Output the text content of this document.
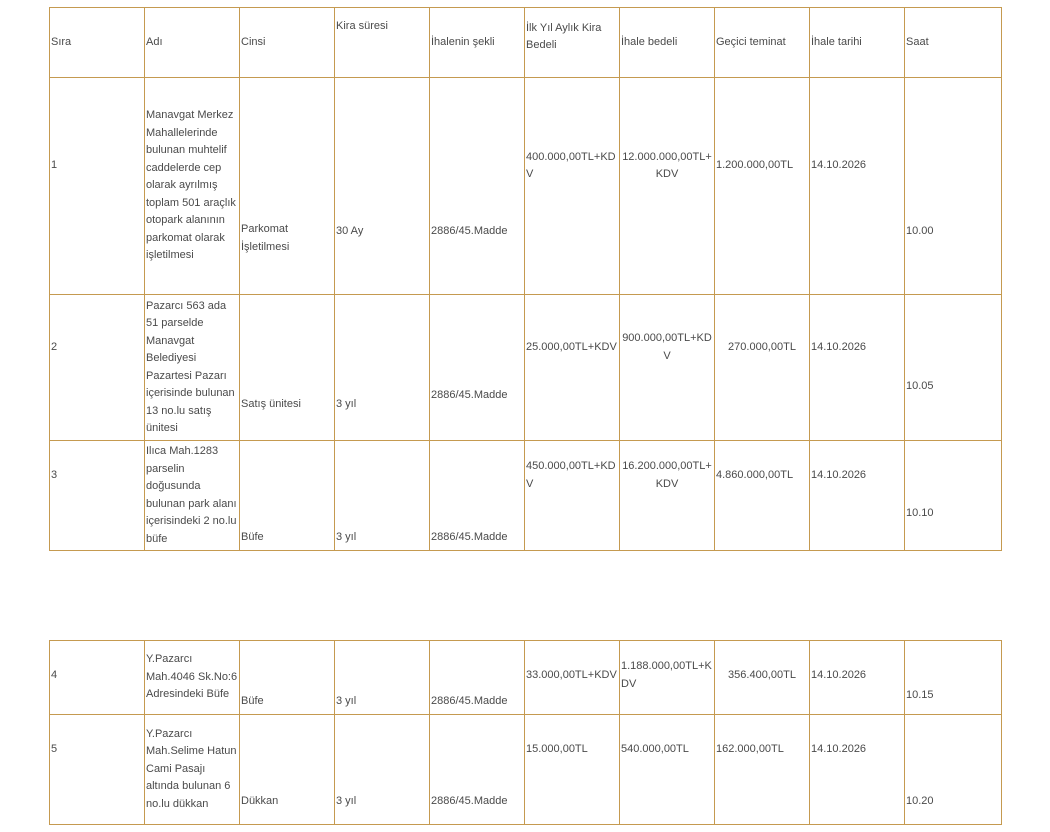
Sıra	Adı	Cinsi	Kira süresi	İhalenin şekli	İlk Yıl Aylık Kira Bedeli	İhale bedeli	Geçici teminat	İhale tarihi	Saat
1	Manavgat Merkez Mahallelerinde bulunan muhtelif caddelerde cep olarak ayrılmış toplam 501 araçlık otopark alanının parkomat olarak işletilmesi	Parkomat İşletilmesi	30 Ay	2886/45.Madde	400.000,00TL+KDV	12.000.000,00TL+KDV	1.200.000,00TL	14.10.2026	10.00

2	Pazarcı 563 ada 51 parselde Manavgat Belediyesi Pazartesi Pazarı içerisinde bulunan 13 no.lu satış ünitesi	Satış ünitesi	3 yıl	2886/45.Madde	25.000,00TL+KDV	900.000,00TL+KDV	270.000,00TL	14.10.2026	10.05

3	Ilıca Mah.1283 parselin doğusunda bulunan park alanı içerisindeki 2 no.lu büfe	Büfe	3 yıl	2886/45.Madde	450.000,00TL+KDV	16.200.000,00TL+KDV	4.860.000,00TL	14.10.2026	10.10
4	Y.Pazarcı Mah.4046 Sk.No:6 Adresindeki Büfe	Büfe	3 yıl	2886/45.Madde	33.000,00TL+KDV	1.188.000,00TL+KDV	356.400,00TL	14.10.2026	10.15

5	Y.Pazarcı Mah.Selime Hatun Cami Pasajı altında bulunan 6 no.lu dükkan	Dükkan	3 yıl	2886/45.Madde	15.000,00TL	540.000,00TL	162.000,00TL	14.10.2026	10.20
